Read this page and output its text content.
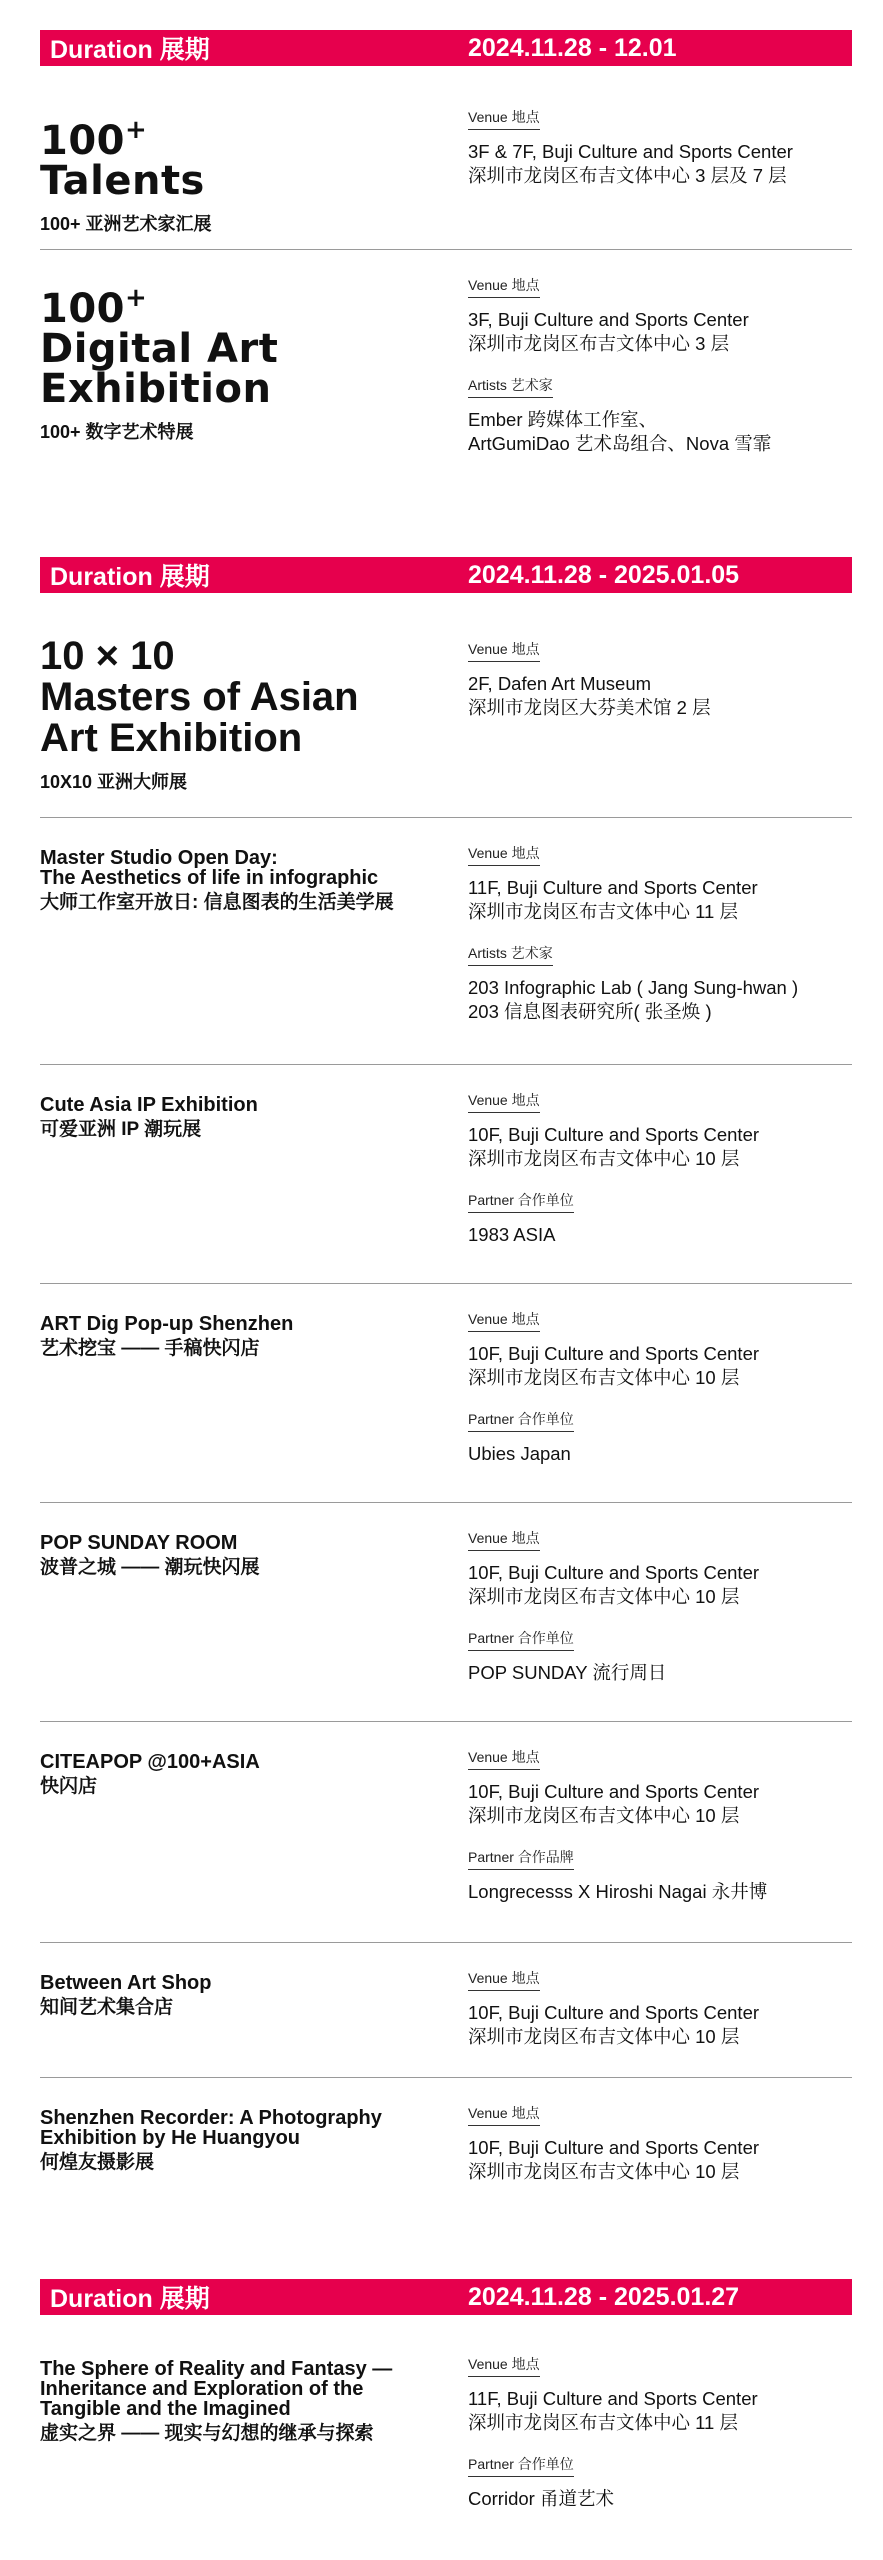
Duration 展期	2024.11.28 - 12.01
100+
Talents
100+ 亚洲艺术家汇展
Venue 地点
3F & 7F, Buji Culture and Sports Center
深圳市龙岗区布吉文体中心 3 层及 7 层
100+
Digital Art
Exhibition
100+ 数字艺术特展
Venue 地点
3F, Buji Culture and Sports Center
深圳市龙岗区布吉文体中心 3 层
Artists 艺术家
Ember 跨媒体工作室、
ArtGumiDao 艺术岛组合、Nova 雪霏
Duration 展期	2024.11.28 - 2025.01.05
10 × 10
Masters of Asian
Art Exhibition
10X10 亚洲大师展
Venue 地点
2F, Dafen Art Museum
深圳市龙岗区大芬美术馆 2 层
Master Studio Open Day:
The Aesthetics of life in infographic
大师工作室开放日: 信息图表的生活美学展
Venue 地点
11F, Buji Culture and Sports Center
深圳市龙岗区布吉文体中心 11 层
Artists 艺术家
203 Infographic Lab ( Jang Sung-hwan )
203 信息图表研究所( 张圣焕 )
Cute Asia IP Exhibition
可爱亚洲 IP 潮玩展
Venue 地点
10F, Buji Culture and Sports Center
深圳市龙岗区布吉文体中心 10 层
Partner 合作单位
1983 ASIA
ART Dig Pop-up Shenzhen
艺术挖宝 —— 手稿快闪店
Venue 地点
10F, Buji Culture and Sports Center
深圳市龙岗区布吉文体中心 10 层
Partner 合作单位
Ubies Japan
POP SUNDAY ROOM
波普之城 —— 潮玩快闪展
Venue 地点
10F, Buji Culture and Sports Center
深圳市龙岗区布吉文体中心 10 层
Partner 合作单位
POP SUNDAY 流行周日
CITEAPOP @100+ASIA
快闪店
Venue 地点
10F, Buji Culture and Sports Center
深圳市龙岗区布吉文体中心 10 层
Partner 合作品牌
Longrecesss X Hiroshi Nagai 永井博
Between Art Shop
知间艺术集合店
Venue 地点
10F, Buji Culture and Sports Center
深圳市龙岗区布吉文体中心 10 层
Shenzhen Recorder: A Photography
Exhibition by He Huangyou
何煌友摄影展
Venue 地点
10F, Buji Culture and Sports Center
深圳市龙岗区布吉文体中心 10 层
Duration 展期	2024.11.28 - 2025.01.27
The Sphere of Reality and Fantasy —
Inheritance and Exploration of the
Tangible and the Imagined
虚实之界 —— 现实与幻想的继承与探索
Venue 地点
11F, Buji Culture and Sports Center
深圳市龙岗区布吉文体中心 11 层
Partner 合作单位
Corridor 甬道艺术
